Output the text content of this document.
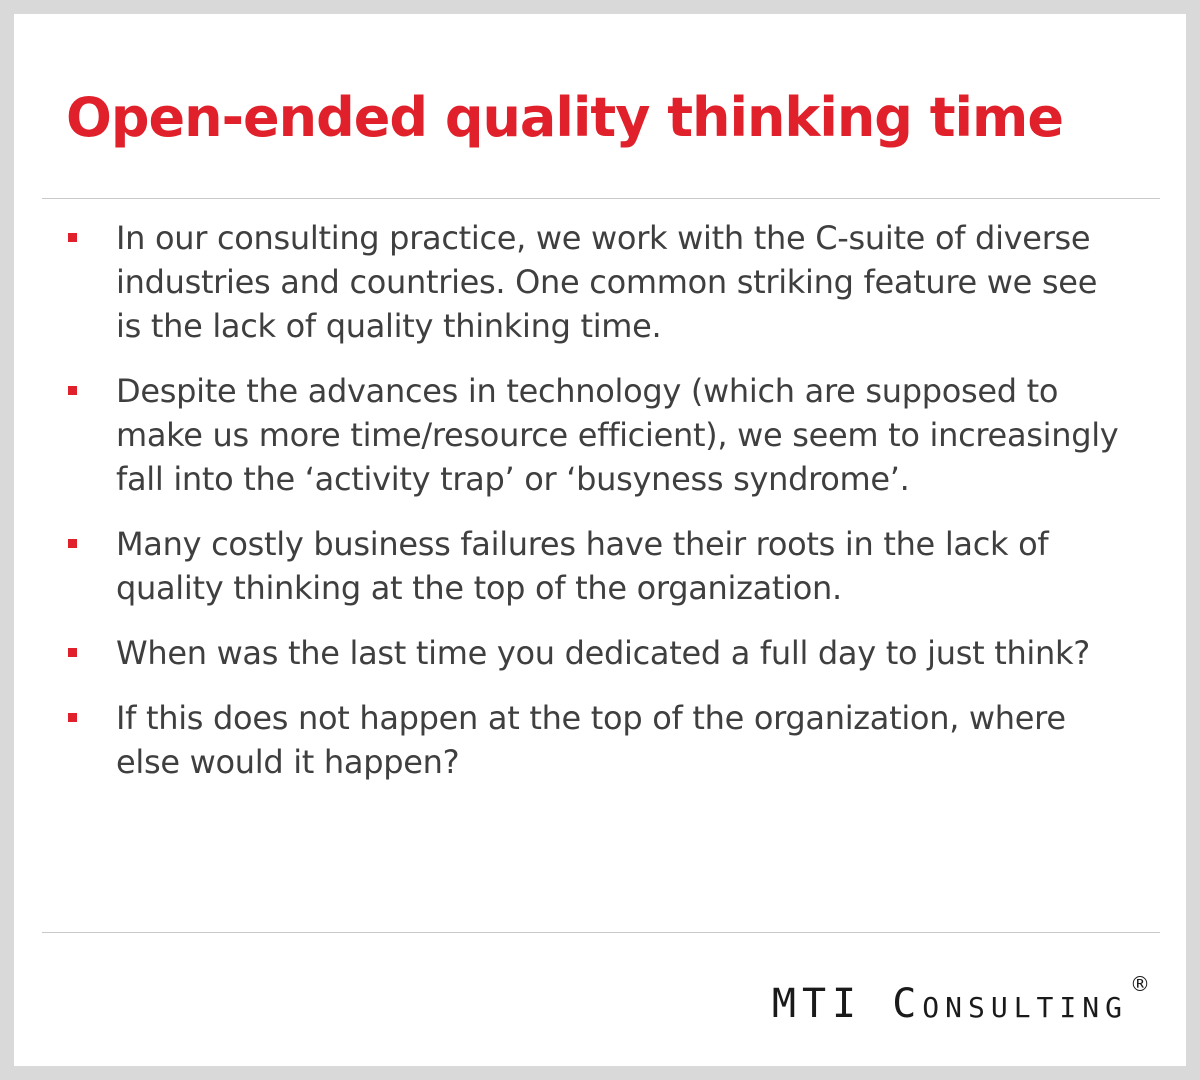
Open-ended quality thinking time
In our consulting practice, we work with the C-suite of diverse industries and countries. One common striking feature we see is the lack of quality thinking time.
Despite the advances in technology (which are supposed to make us more time/resource efficient), we seem to increasingly fall into the ‘activity trap’ or ‘busyness syndrome’.
Many costly business failures have their roots in the lack of quality thinking at the top of the organization.
When was the last time you dedicated a full day to just think?
If this does not happen at the top of the organization, where else would it happen?
MTI Consulting ®
